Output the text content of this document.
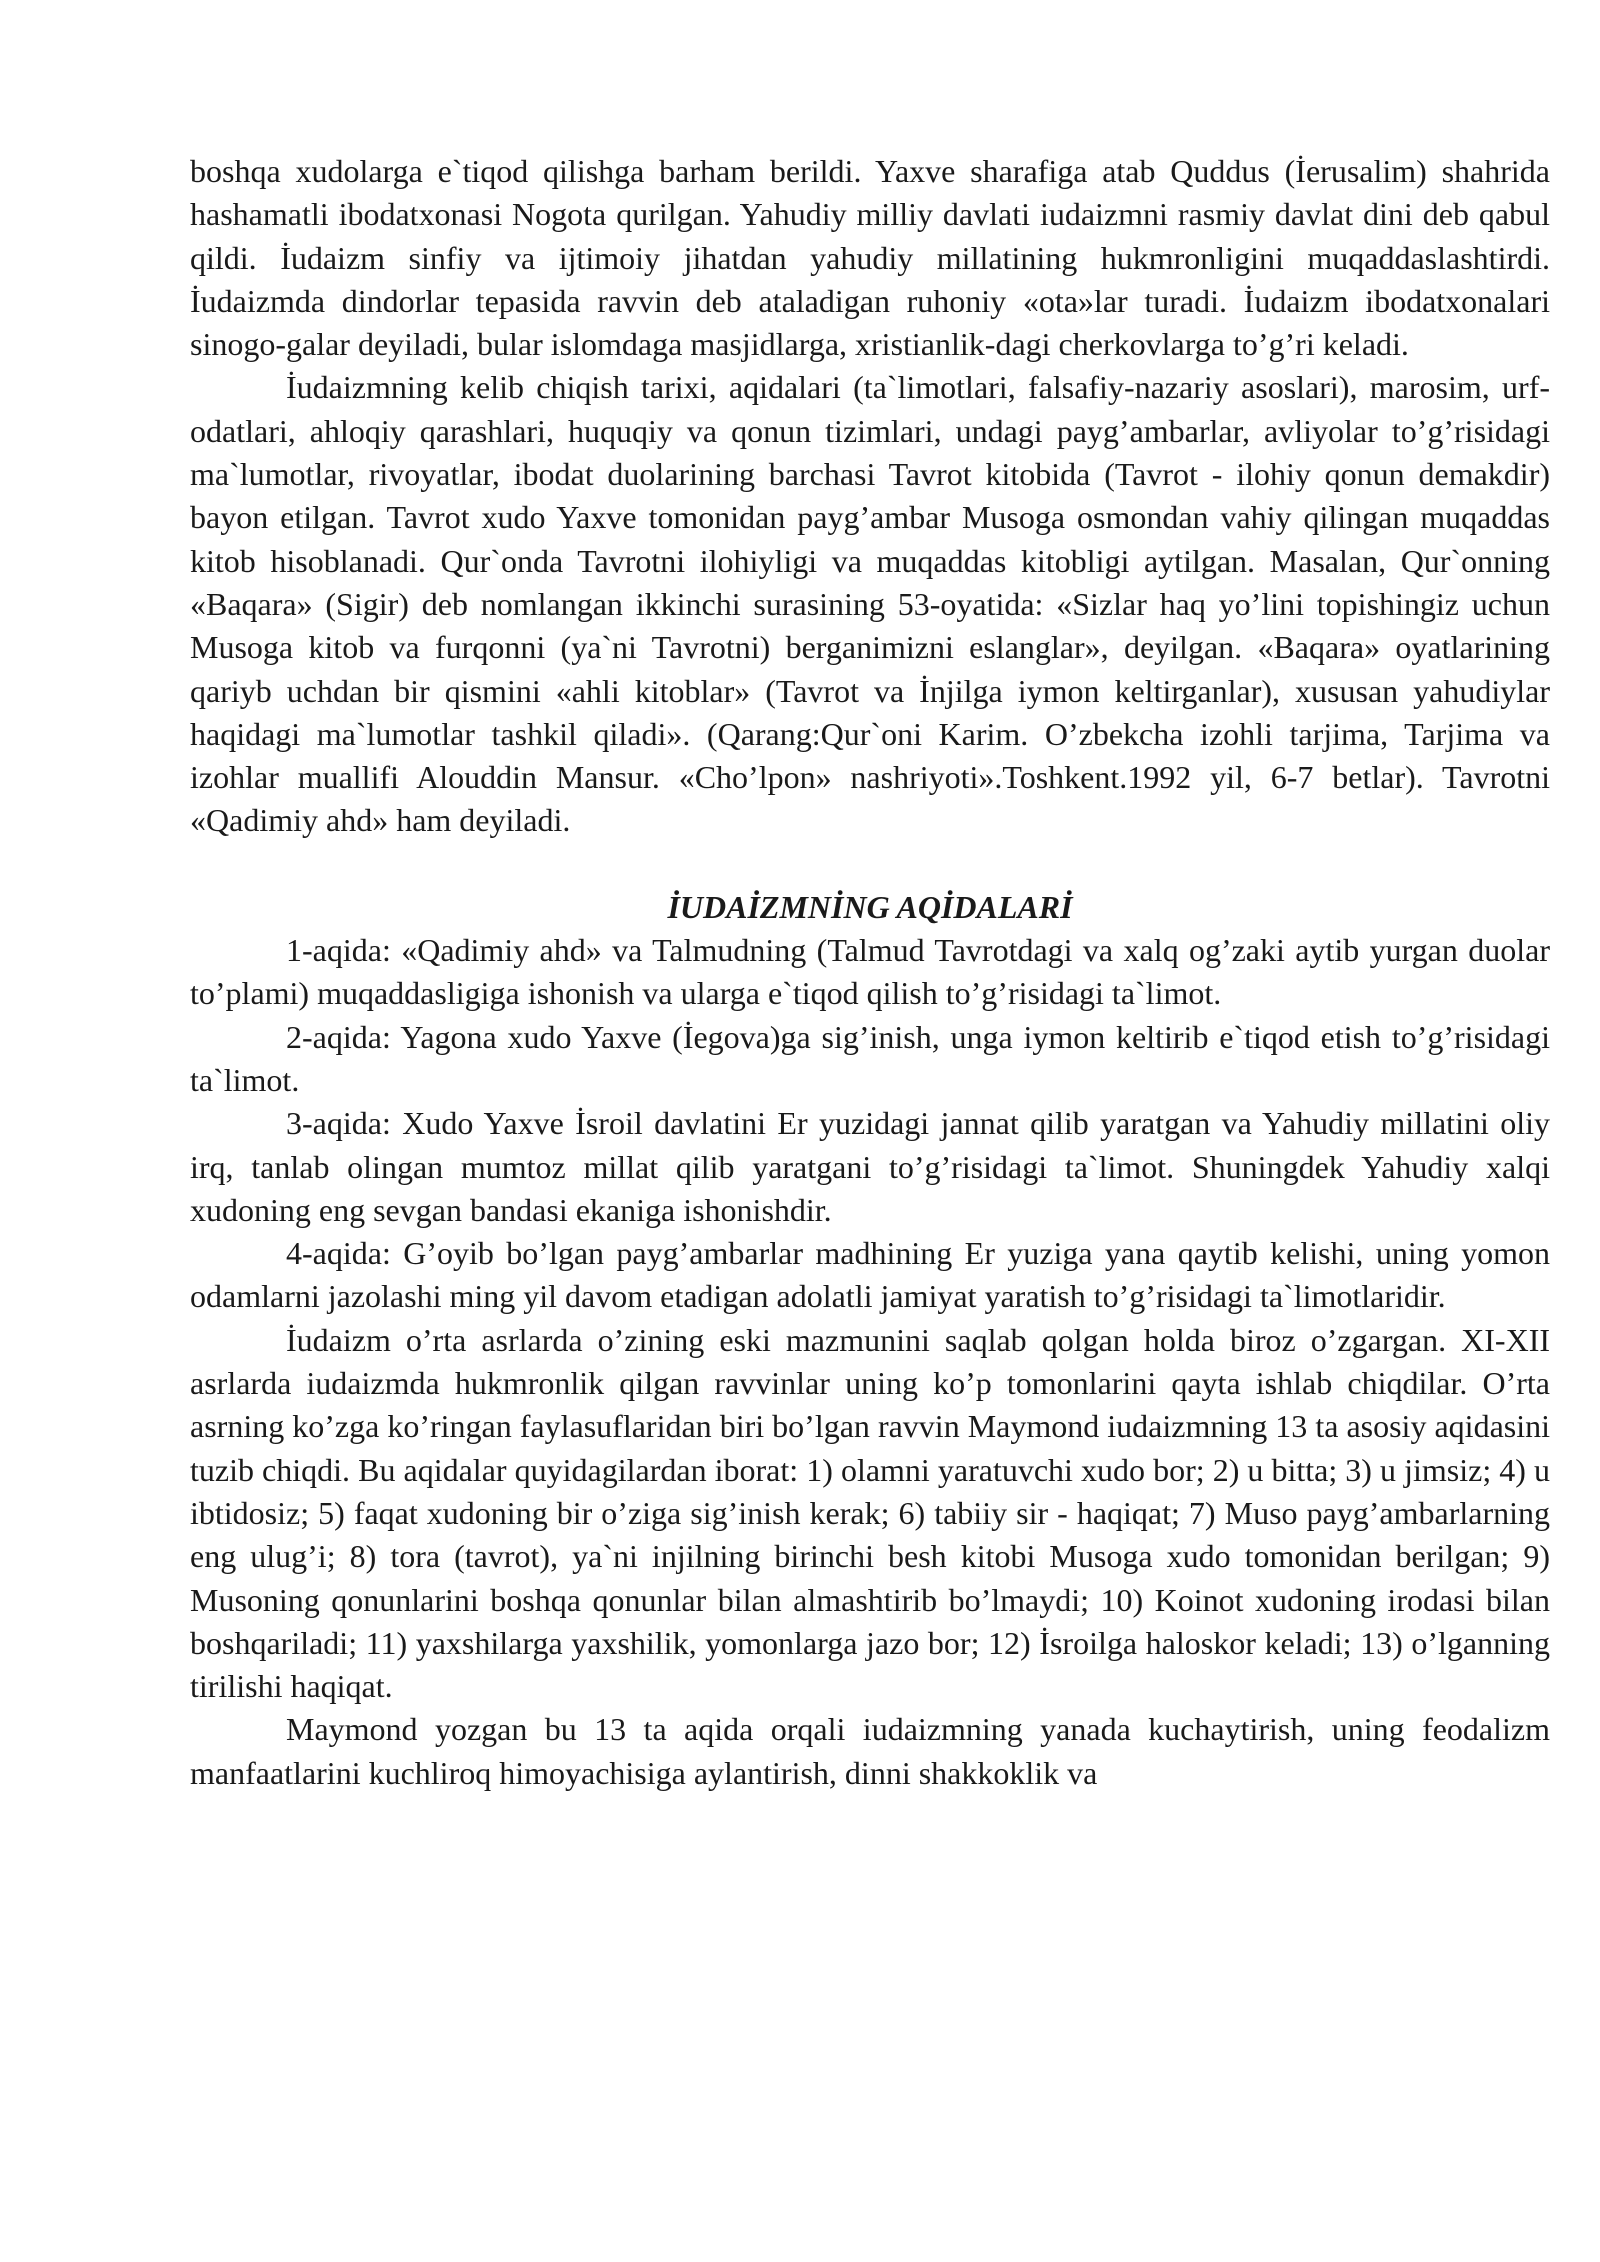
boshqa xudolarga e`tiqod qilishga barham berildi. Yaxve sharafiga atab Quddus (İerusalim) shahrida hashamatli ibodatxonasi Nogota qurilgan. Yahudiy milliy davlati iudaizmni rasmiy davlat dini deb qabul qildi. İudaizm sinfiy va ijtimoiy jihatdan yahudiy millatining hukmronligini muqaddaslashtirdi. İudaizmda dindorlar tepasida ravvin deb ataladigan ruhoniy «ota»lar turadi. İudaizm ibodatxonalari sinogo-galar deyiladi, bular islomdaga masjidlarga, xristianlik-dagi cherkovlarga to’g’ri keladi.

İudaizmning kelib chiqish tarixi, aqidalari (ta`limotlari, falsafiy-nazariy asoslari), marosim, urf-odatlari, ahloqiy qarashlari, huquqiy va qonun tizimlari, undagi payg’ambarlar, avliyolar to’g’risidagi ma`lumotlar, rivoyatlar, ibodat duolarining barchasi Tavrot kitobida (Tavrot - ilohiy qonun demakdir) bayon etilgan. Tavrot xudo Yaxve tomonidan payg’ambar Musoga osmondan vahiy qilingan muqaddas kitob hisoblanadi. Qur`onda Tavrotni ilohiyligi va muqaddas kitobligi aytilgan. Masalan, Qur`onning «Baqara» (Sigir) deb nomlangan ikkinchi surasining 53-oyatida: «Sizlar haq yo’lini topishingiz uchun Musoga kitob va furqonni (ya`ni Tavrotni) berganimizni eslanglar», deyilgan. «Baqara» oyatlarining qariyb uchdan bir qismini «ahli kitoblar» (Tavrot va İnjilga iymon keltirganlar), xususan yahudiylar haqidagi ma`lumotlar tashkil qiladi». (Qarang:Qur`oni Karim. O’zbekcha izohli tarjima, Tarjima va izohlar muallifi Alouddin Mansur. «Cho’lpon» nashriyoti».Toshkent.1992 yil, 6-7 betlar). Tavrotni «Qadimiy ahd» ham deyiladi.

İUDAİZMNİNG AQİDALARİ

1-aqida: «Qadimiy ahd» va Talmudning (Talmud Tavrotdagi va xalq og’zaki aytib yurgan duolar to’plami) muqaddasligiga ishonish va ularga e`tiqod qilish to’g’risidagi ta`limot.

2-aqida: Yagona xudo Yaxve (İegova)ga sig’inish, unga iymon keltirib e`tiqod etish to’g’risidagi ta`limot.

3-aqida: Xudo Yaxve İsroil davlatini Er yuzidagi jannat qilib yaratgan va Yahudiy millatini oliy irq, tanlab olingan mumtoz millat qilib yaratgani to’g’risidagi ta`limot. Shuningdek Yahudiy xalqi xudoning eng sevgan bandasi ekaniga ishonishdir.

4-aqida: G’oyib bo’lgan payg’ambarlar madhining Er yuziga yana qaytib kelishi, uning yomon odamlarni jazolashi ming yil davom etadigan adolatli jamiyat yaratish to’g’risidagi ta`limotlaridir.

İudaizm o’rta asrlarda o’zining eski mazmunini saqlab qolgan holda biroz o’zgargan. XI-XII asrlarda iudaizmda hukmronlik qilgan ravvinlar uning ko’p tomonlarini qayta ishlab chiqdilar. O’rta asrning ko’zga ko’ringan faylasuflaridan biri bo’lgan ravvin Maymond iudaizmning 13 ta asosiy aqidasini tuzib chiqdi. Bu aqidalar quyidagilardan iborat: 1) olamni yaratuvchi xudo bor; 2) u bitta; 3) u jimsiz; 4) u ibtidosiz; 5) faqat xudoning bir o’ziga sig’inish kerak; 6) tabiiy sir - haqiqat; 7) Muso payg’ambarlarning eng ulug’i; 8) tora (tavrot), ya`ni injilning birinchi besh kitobi Musoga xudo tomonidan berilgan; 9) Musoning qonunlarini boshqa qonunlar bilan almashtirib bo’lmaydi; 10) Koinot xudoning irodasi bilan boshqariladi; 11) yaxshilarga yaxshilik, yomonlarga jazo bor; 12) İsroilga haloskor keladi; 13) o’lganning tirilishi haqiqat.

Maymond yozgan bu 13 ta aqida orqali iudaizmning yanada kuchaytirish, uning feodalizm manfaatlarini kuchliroq himoyachisiga aylantirish, dinni shakkoklik va
